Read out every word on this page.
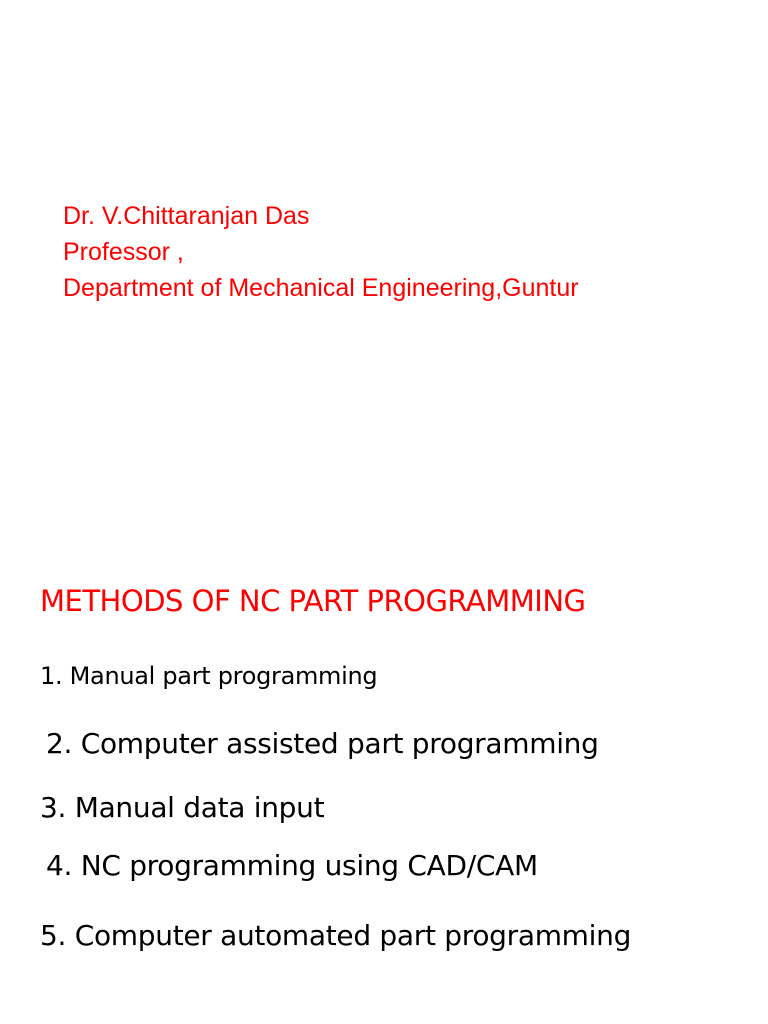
Dr. V.Chittaranjan Das
Professor ,
Department of Mechanical Engineering,Guntur
METHODS OF NC PART PROGRAMMING
1. Manual part programming
2. Computer assisted part programming
3. Manual data input
4. NC programming using CAD/CAM
5. Computer automated part programming
